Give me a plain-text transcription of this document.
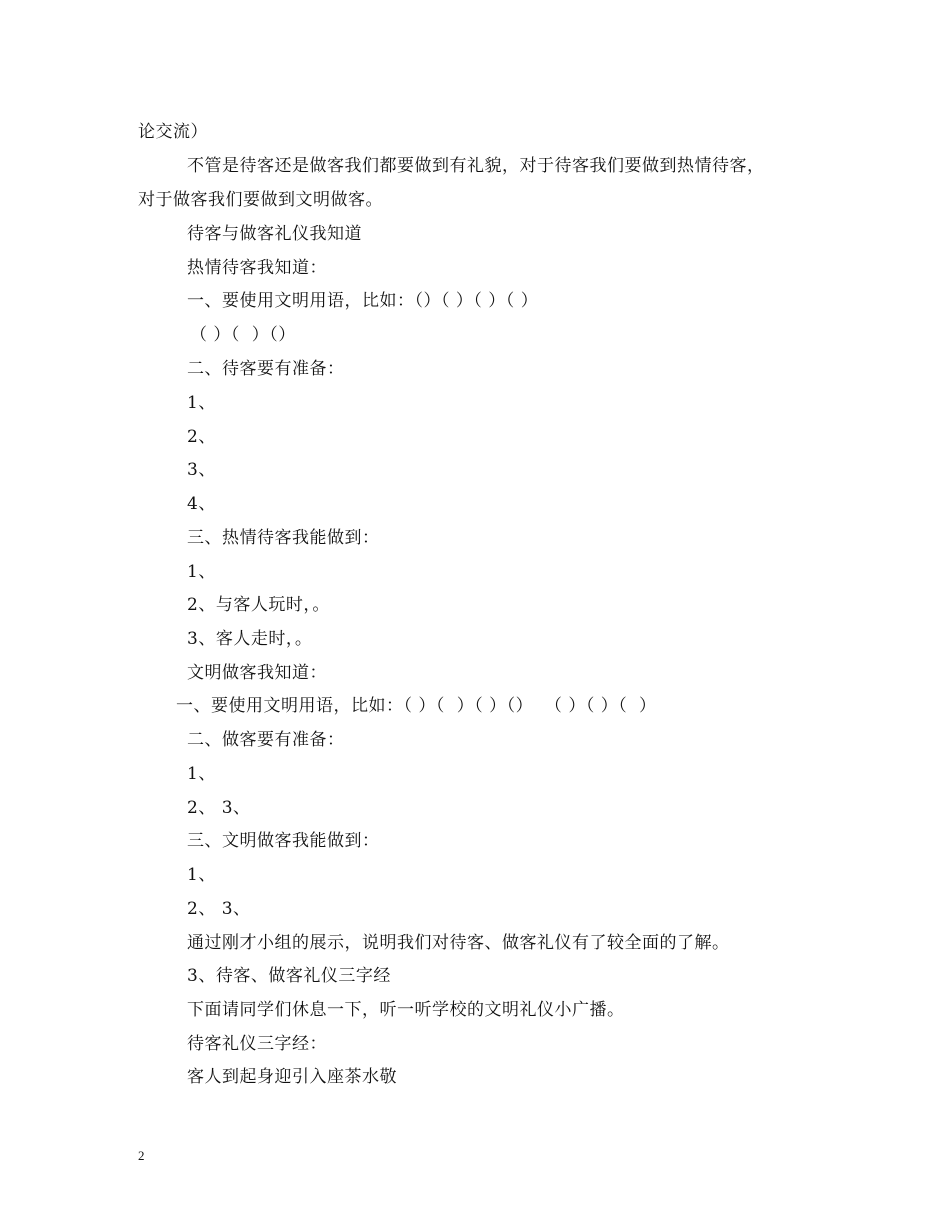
论交流）
不管是待客还是做客我们都要做到有礼貌，对于待客我们要做到热情待客，
对于做客我们要做到文明做客。
待客与做客礼仪我知道
热情待客我知道：
一、要使用文明用语，比如：（）（ ）（ ）（ ）
（ ）（  ）（）
二、待客要有准备：
1、
2、
3、
4、
三、热情待客我能做到：
1、
2、与客人玩时，。
3、客人走时，。
文明做客我知道：
一、要使用文明用语，比如：（ ）（  ）（ ）（）  （ ）（ ）（  ）
二、做客要有准备：
1、
2、 3、
三、文明做客我能做到：
1、
2、 3、
通过刚才小组的展示，说明我们对待客、做客礼仪有了较全面的了解。
3、待客、做客礼仪三字经
下面请同学们休息一下，听一听学校的文明礼仪小广播。
待客礼仪三字经：
客人到起身迎引入座茶水敬
2
